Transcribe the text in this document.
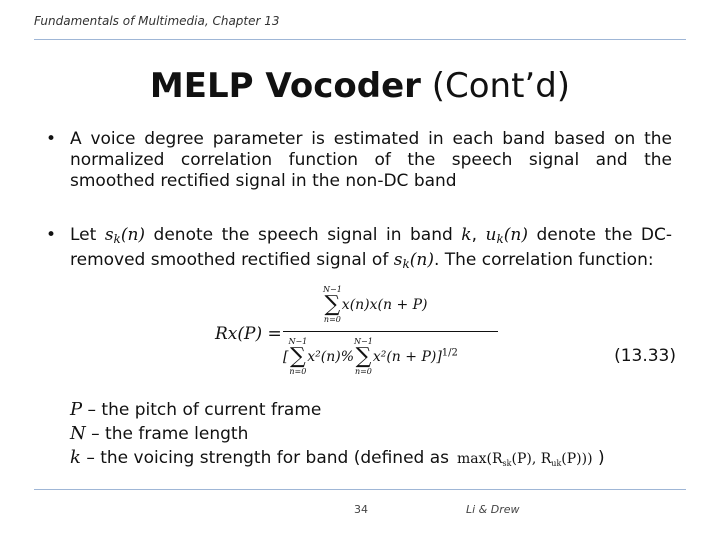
Fundamentals of Multimedia, Chapter 13
MELP Vocoder (Cont’d)
• A voice degree parameter is estimated in each band based on the normalized correlation function of the speech signal and the smoothed rectified signal in the non-DC band
• Let $s_k(n)$ denote the speech signal in band k, $u_k(n)$ denote the DC-removed smoothed rectified signal of $s_k(n)$. The correlation function:
Rx(P) =
N−1
∑
n=0
x(n)x(n + P)
[
N−1
∑
n=0
x²(n)%
N−1
∑
n=0
x²(n + P)]$^{1/2}$	(13.33)
P – the pitch of current frame
N – the frame length
k – the voicing strength for band (defined as $\max(R_{sk}(P)$, $R_{uk}(P)$)) )
34	Li & Drew
